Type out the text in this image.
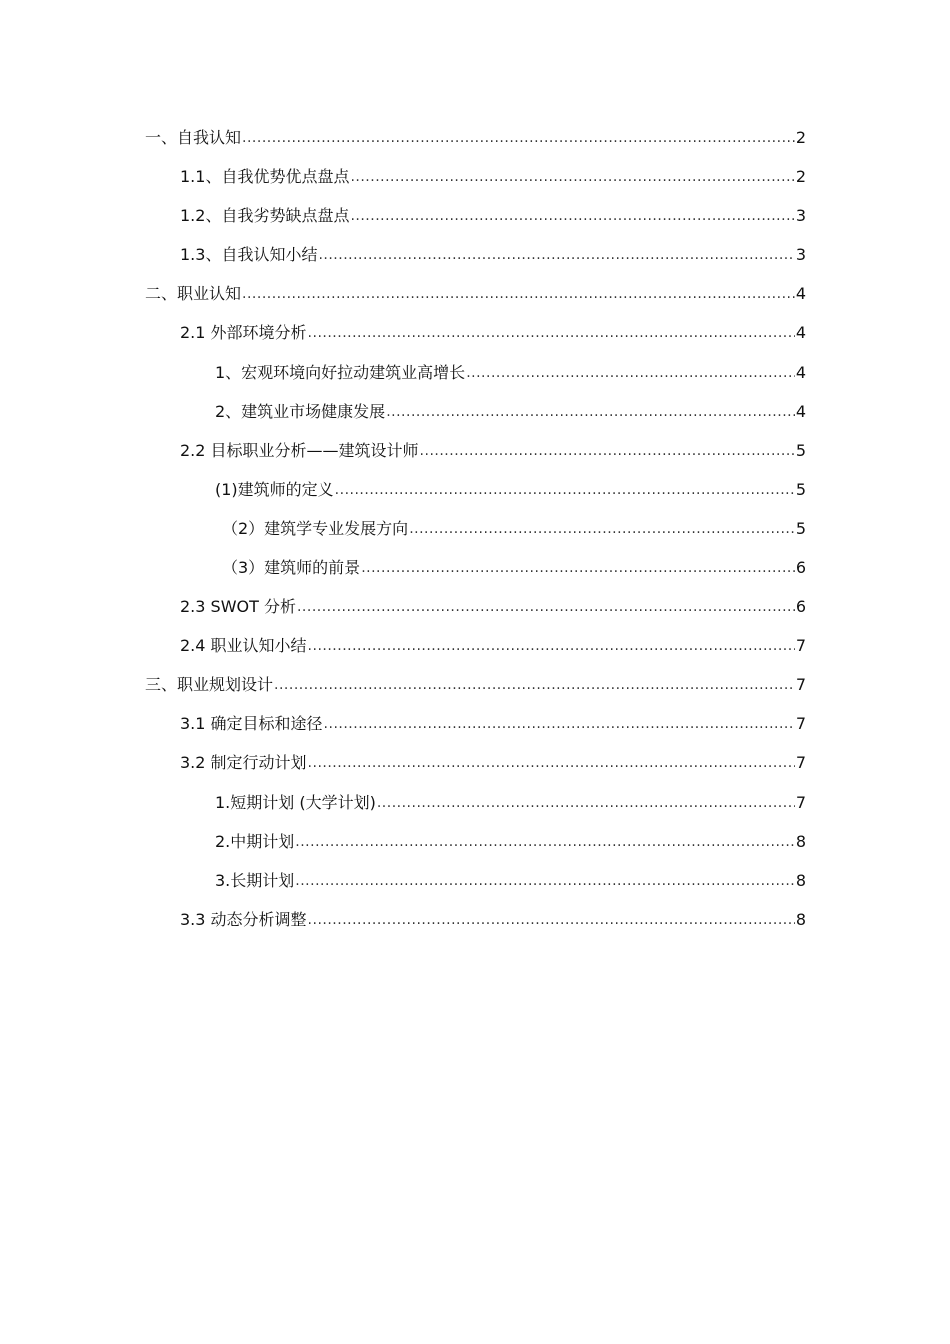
一、自我认知 .....	2
1.1、自我优势优点盘点 .....	2
1.2、自我劣势缺点盘点 .....	3
1.3、自我认知小结 .....	3
二、职业认知 .....	4
2.1 外部环境分析 .....	4
1、宏观环境向好拉动建筑业高增长 .....	4
2、建筑业市场健康发展 .....	4
2.2 目标职业分析——建筑设计师 .....	5
(1)建筑师的定义 .....	5
（2）建筑学专业发展方向 .....	5
（3）建筑师的前景 .....	6
2.3 SWOT 分析 .....	6
2.4 职业认知小结 .....	7
三、职业规划设计 .....	7
3.1 确定目标和途径 .....	7
3.2 制定行动计划 .....	7
1.短期计划 (大学计划) .....	7
2.中期计划 .....	8
3.长期计划 .....	8
3.3 动态分析调整 .....	8
